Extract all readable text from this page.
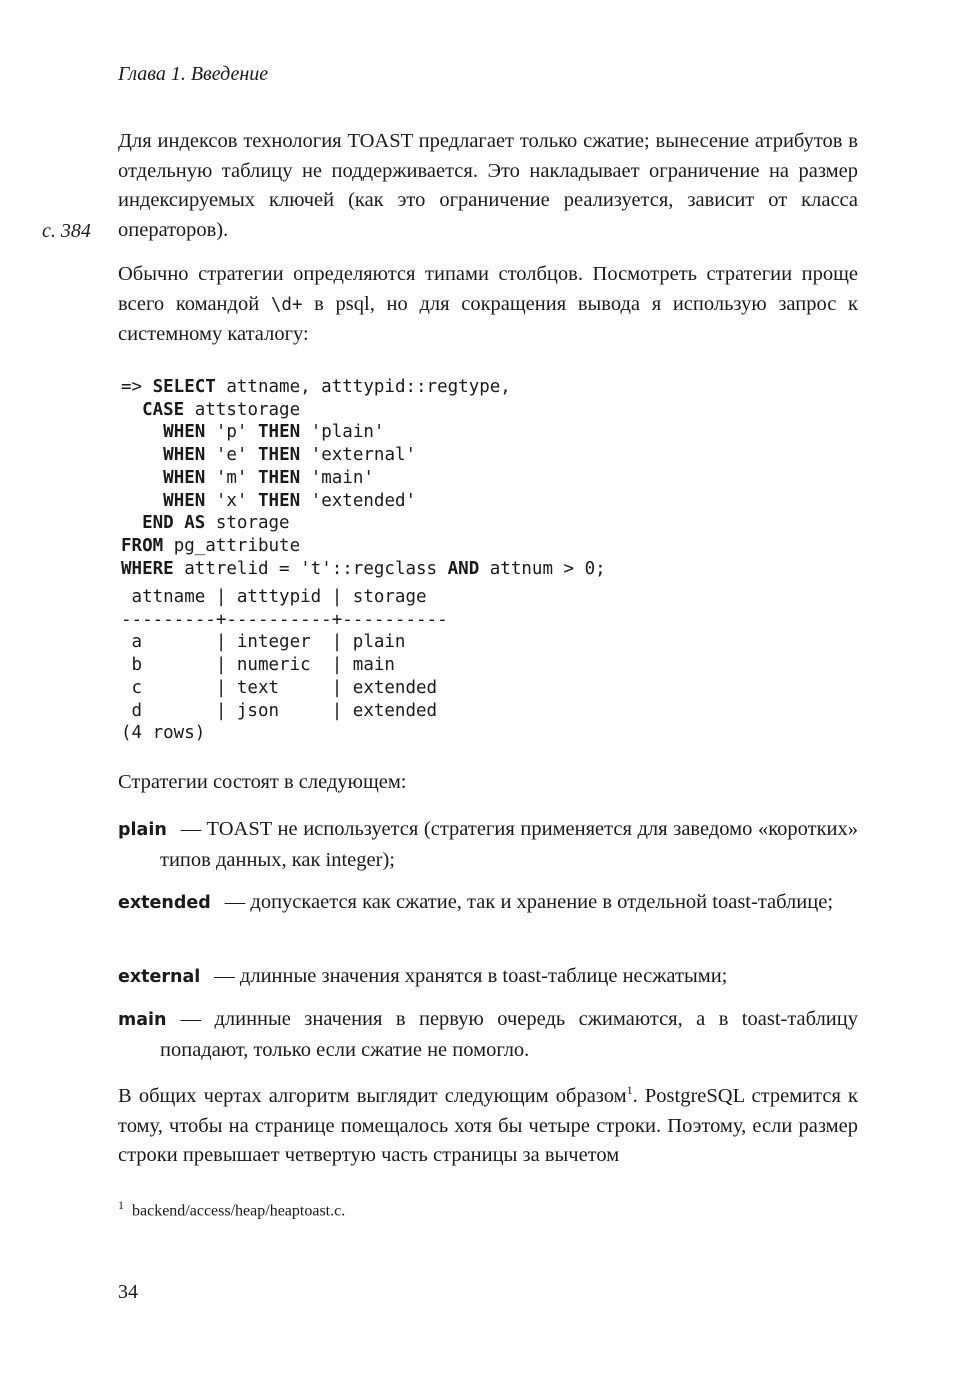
Глава 1. Введение
с. 384

Для индексов технология TOAST предлагает только сжатие; вынесение атрибутов в отдельную таблицу не поддерживается. Это накладывает ограничение на размер индексируемых ключей (как это ограничение реализуется, зависит от класса операторов).

Обычно стратегии определяются типами столбцов. Посмотреть стратегии проще всего командой \d+ в psql, но для сокращения вывода я использую запрос к системному каталогу:

=> SELECT attname, atttypid::regtype,
CASE attstorage
WHEN 'p' THEN 'plain'
WHEN 'e' THEN 'external'
WHEN 'm' THEN 'main'
WHEN 'x' THEN 'extended'
END AS storage
FROM pg_attribute
WHERE attrelid = 't'::regclass AND attnum > 0;
attname | atttypid | storage
---------+----------+----------
a       | integer  | plain
b       | numeric  | main
c       | text     | extended
d       | json     | extended
(4 rows)

Стратегии состоят в следующем:

plain — TOAST не используется (стратегия применяется для заведомо «коротких» типов данных, как integer);
extended — допускается как сжатие, так и хранение в отдельной toast-таблице;
external — длинные значения хранятся в toast-таблице несжатыми;
main — длинные значения в первую очередь сжимаются, а в toast-таблицу попадают, только если сжатие не помогло.

В общих чертах алгоритм выглядит следующим образом$^1$. PostgreSQL стремится к тому, чтобы на странице помещалось хотя бы четыре строки. Поэтому, если размер строки превышает четвертую часть страницы за вычетом

$^1$ backend/access/heap/heaptoast.c.
34
